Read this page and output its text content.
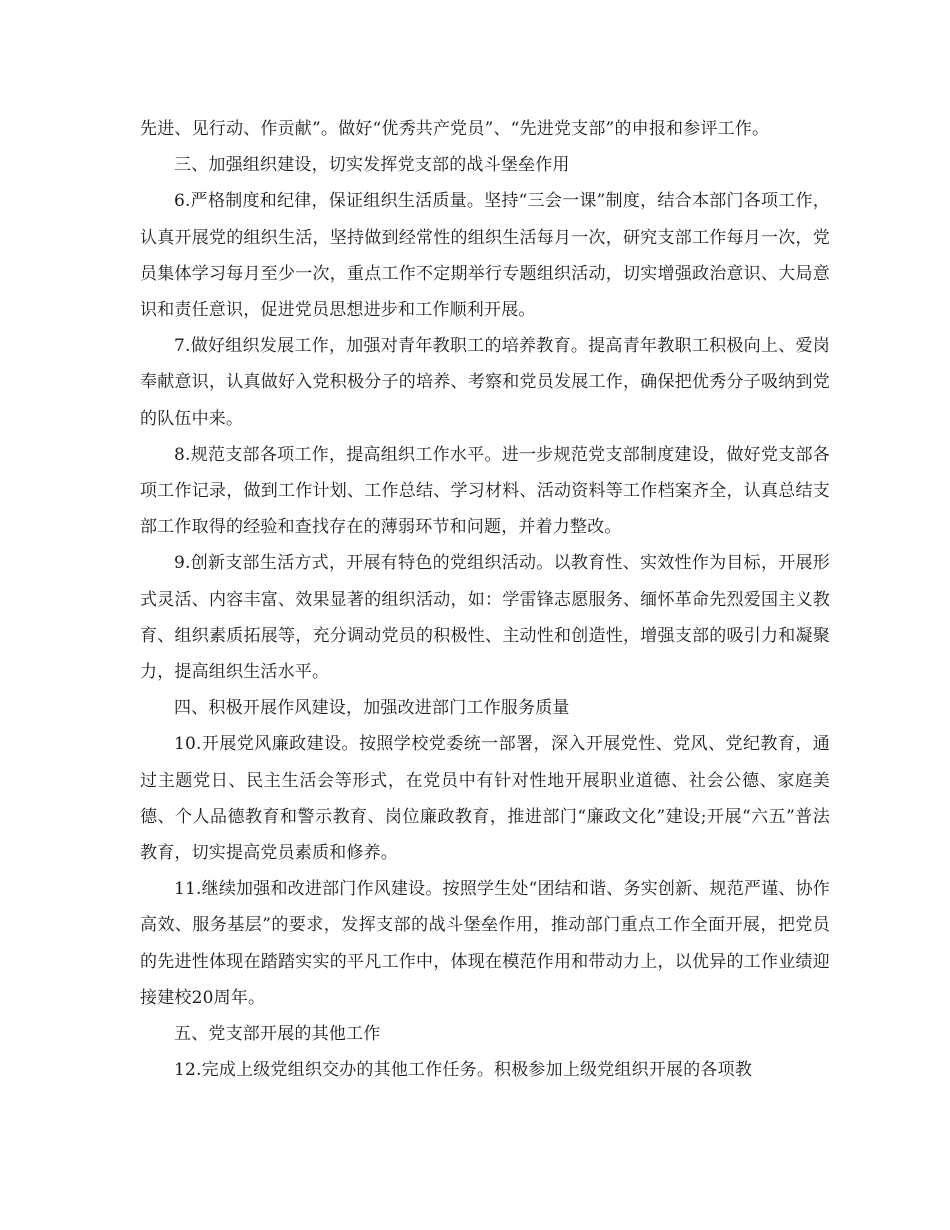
先进、见行动、作贡献”。做好“优秀共产党员”、“先进党支部”的申报和参评工作。

三、加强组织建设，切实发挥党支部的战斗堡垒作用

6.严格制度和纪律，保证组织生活质量。坚持“三会一课”制度，结合本部门各项工作，认真开展党的组织生活，坚持做到经常性的组织生活每月一次，研究支部工作每月一次，党员集体学习每月至少一次，重点工作不定期举行专题组织活动，切实增强政治意识、大局意识和责任意识，促进党员思想进步和工作顺利开展。

7.做好组织发展工作，加强对青年教职工的培养教育。提高青年教职工积极向上、爱岗奉献意识，认真做好入党积极分子的培养、考察和党员发展工作，确保把优秀分子吸纳到党的队伍中来。

8.规范支部各项工作，提高组织工作水平。进一步规范党支部制度建设，做好党支部各项工作记录，做到工作计划、工作总结、学习材料、活动资料等工作档案齐全，认真总结支部工作取得的经验和查找存在的薄弱环节和问题，并着力整改。

9.创新支部生活方式，开展有特色的党组织活动。以教育性、实效性作为目标，开展形式灵活、内容丰富、效果显著的组织活动，如：学雷锋志愿服务、缅怀革命先烈爱国主义教育、组织素质拓展等，充分调动党员的积极性、主动性和创造性，增强支部的吸引力和凝聚力，提高组织生活水平。

四、积极开展作风建设，加强改进部门工作服务质量

10.开展党风廉政建设。按照学校党委统一部署，深入开展党性、党风、党纪教育，通过主题党日、民主生活会等形式，在党员中有针对性地开展职业道德、社会公德、家庭美德、个人品德教育和警示教育、岗位廉政教育，推进部门“廉政文化”建设;开展“六五”普法教育，切实提高党员素质和修养。

11.继续加强和改进部门作风建设。按照学生处“团结和谐、务实创新、规范严谨、协作高效、服务基层”的要求，发挥支部的战斗堡垒作用，推动部门重点工作全面开展，把党员的先进性体现在踏踏实实的平凡工作中，体现在模范作用和带动力上，以优异的工作业绩迎接建校20周年。

五、党支部开展的其他工作

12.完成上级党组织交办的其他工作任务。积极参加上级党组织开展的各项教
